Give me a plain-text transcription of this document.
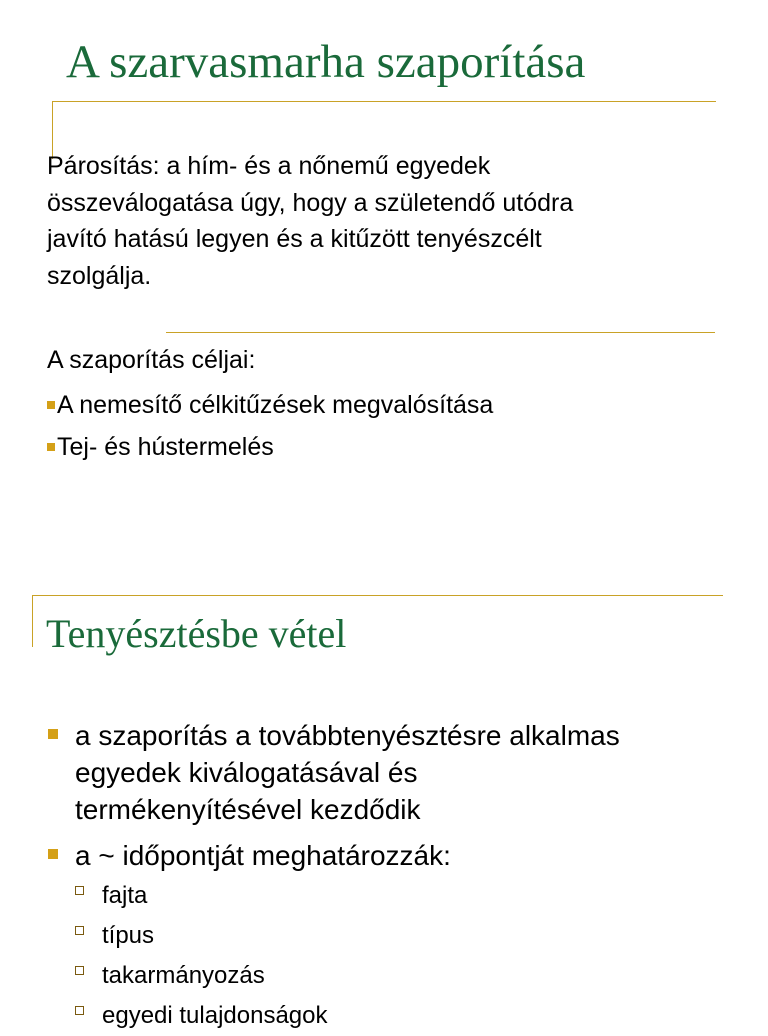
A szarvasmarha szaporítása
Párosítás: a hím- és a nőnemű egyedek
összeválogatása úgy, hogy a születendő utódra
javító hatású legyen és a kitűzött tenyészcélt
szolgálja.
A szaporítás céljai:
A nemesítő célkitűzések megvalósítása
Tej- és hústermelés
Tenyésztésbe vétel
a szaporítás a továbbtenyésztésre alkalmas
egyedek kiválogatásával és
termékenyítésével kezdődik
a ~ időpontját meghatározzák:
fajta
típus
takarmányozás
egyedi tulajdonságok
